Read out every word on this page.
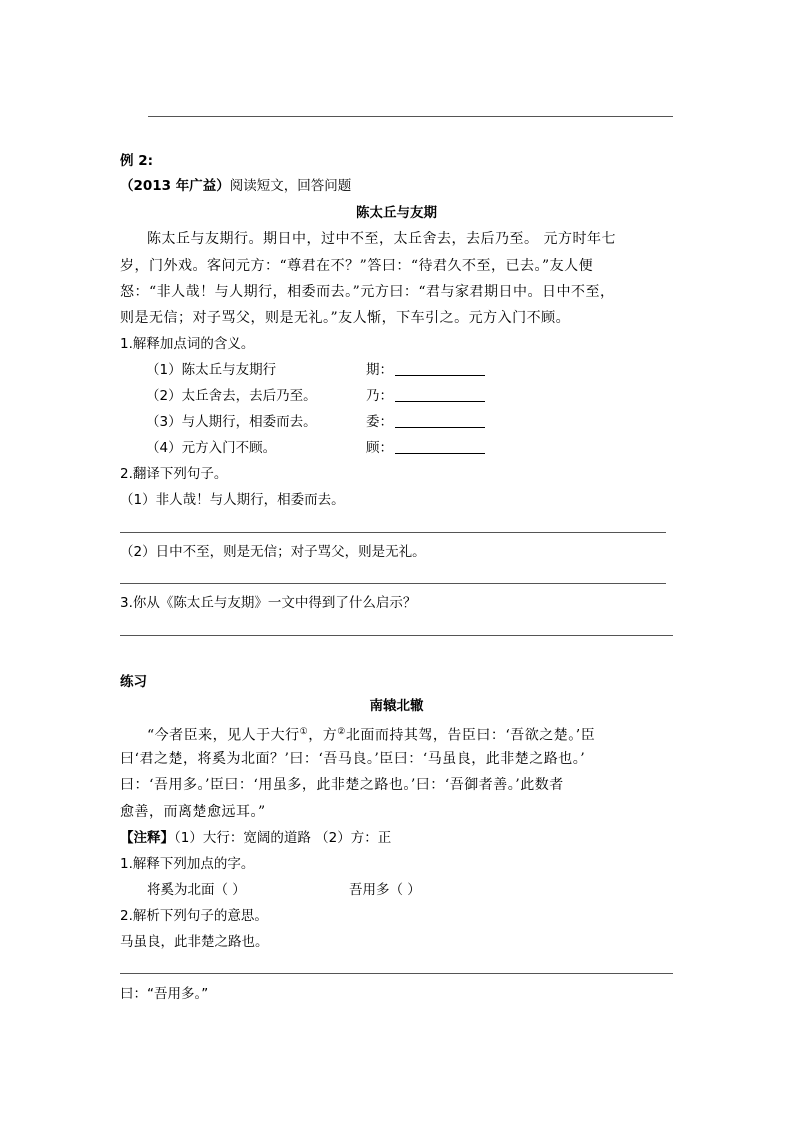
例 2:
（2013 年广益）阅读短文，回答问题
陈太丘与友期
陈太丘与友期行。期日中，过中不至，太丘舍去，去后乃至。 元方时年七
岁，门外戏。客问元方：“尊君在不？”答曰：“待君久不至，已去。”友人便
怒：“非人哉！与人期行，相委而去。”元方曰：“君与家君期日中。日中不至，
则是无信；对子骂父，则是无礼。”友人惭，下车引之。元方入门不顾。
1.解释加点词的含义。
（1）陈太丘与友期行	期：
（2）太丘舍去，去后乃至。	乃：
（3）与人期行，相委而去。	委：
（4）元方入门不顾。	顾：
2.翻译下列句子。
（1）非人哉！与人期行，相委而去。
（2）日中不至，则是无信；对子骂父，则是无礼。
3.你从《陈太丘与友期》一文中得到了什么启示？
练习
南辕北辙
“今者臣来，见人于大行①，方②北面而持其驾，告臣曰：‘吾欲之楚。’臣
曰‘君之楚，将奚为北面？’曰：‘吾马良。’臣曰：‘马虽良，此非楚之路也。’
曰：‘吾用多。’臣曰：‘用虽多，此非楚之路也。’曰：‘吾御者善。’此数者
愈善，而离楚愈远耳。”
【注释】（1）大行：宽阔的道路 （2）方：正
1.解释下列加点的字。
将奚为北面（ ）	吾用多（ ）
2.解析下列句子的意思。
马虽良，此非楚之路也。
曰：“吾用多。”
